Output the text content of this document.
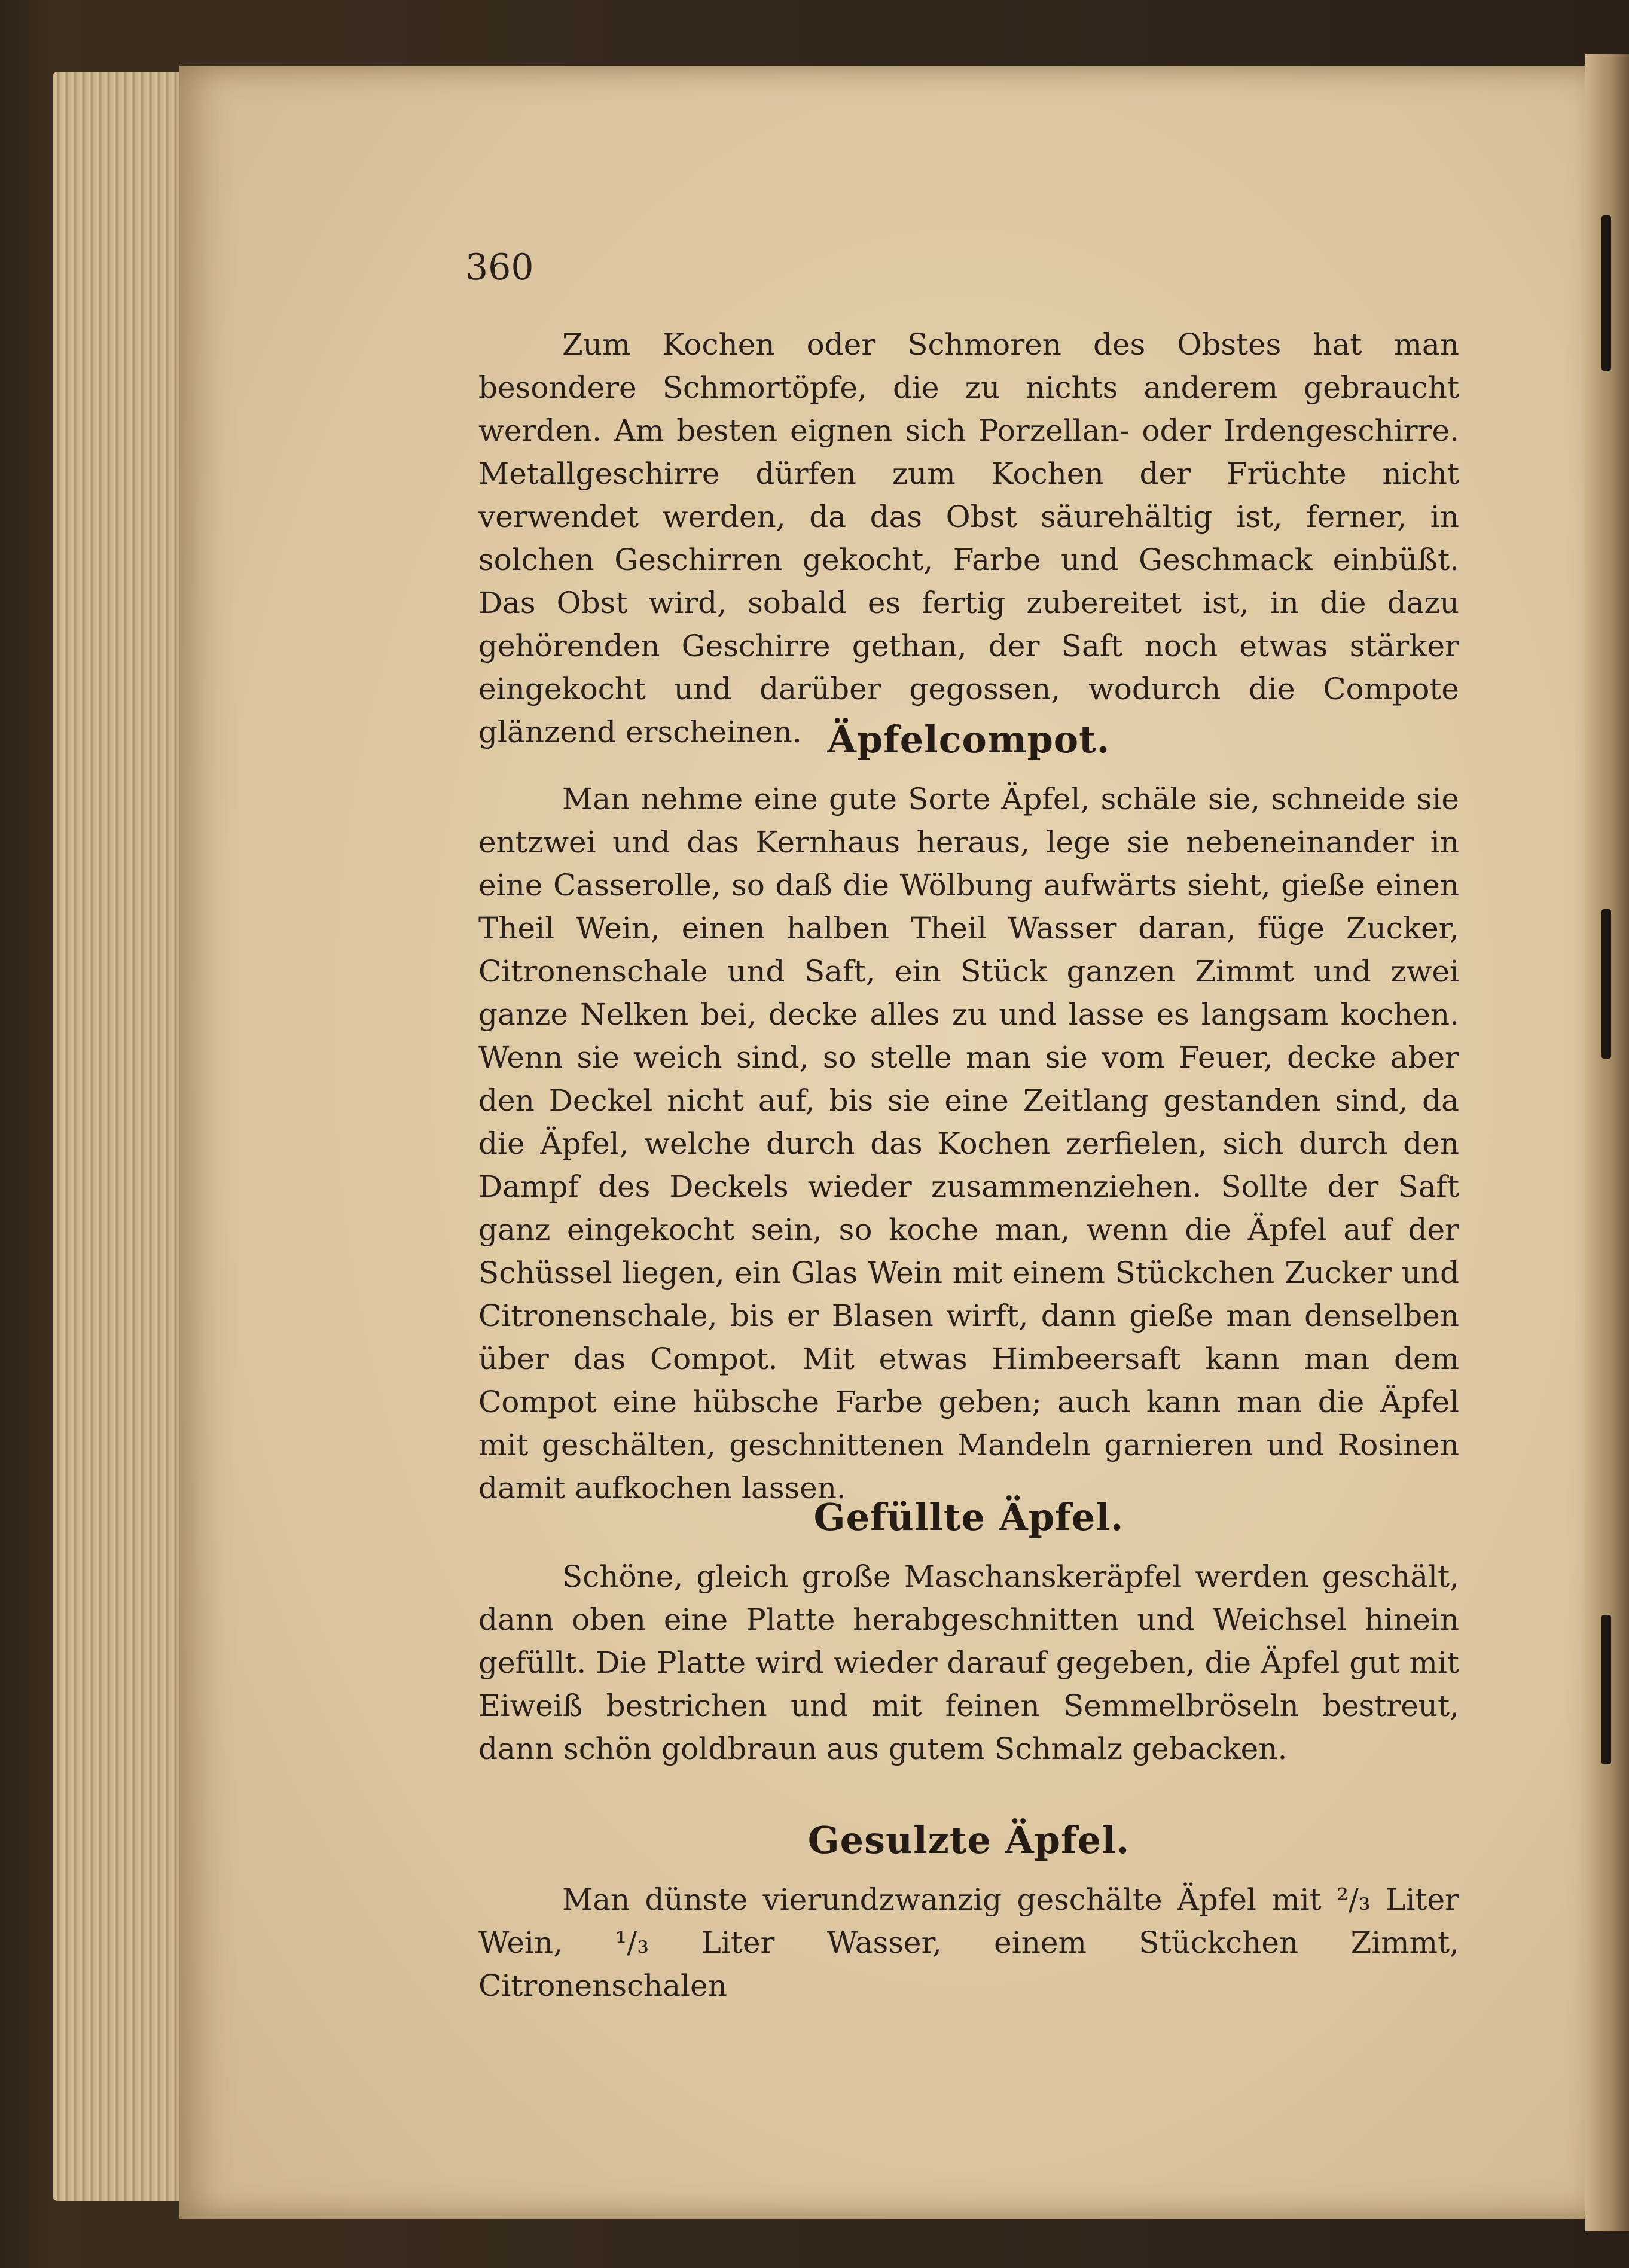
360

Zum Kochen oder Schmoren des Obstes hat man besondere Schmortöpfe, die zu nichts anderem gebraucht werden. Am besten eignen sich Porzellan- oder Irdengeschirre. Metallgeschirre dürfen zum Kochen der Früchte nicht verwendet werden, da das Obst säurehältig ist, ferner, in solchen Geschirren gekocht, Farbe und Geschmack einbüßt. Das Obst wird, sobald es fertig zubereitet ist, in die dazu gehörenden Geschirre gethan, der Saft noch etwas stärker eingekocht und darüber gegossen, wodurch die Compote glänzend erscheinen. Äpfelcompot.

Man nehme eine gute Sorte Äpfel, schäle sie, schneide sie entzwei und das Kernhaus heraus, lege sie nebeneinander in eine Casserolle, so daß die Wölbung aufwärts sieht, gieße einen Theil Wein, einen halben Theil Wasser daran, füge Zucker, Citronenschale und Saft, ein Stück ganzen Zimmt und zwei ganze Nelken bei, decke alles zu und lasse es langsam kochen. Wenn sie weich sind, so stelle man sie vom Feuer, decke aber den Deckel nicht auf, bis sie eine Zeitlang gestanden sind, da die Äpfel, welche durch das Kochen zerfielen, sich durch den Dampf des Deckels wieder zusammenziehen. Sollte der Saft ganz eingekocht sein, so koche man, wenn die Äpfel auf der Schüssel liegen, ein Glas Wein mit einem Stückchen Zucker und Citronenschale, bis er Blasen wirft, dann gieße man denselben über das Compot. Mit etwas Himbeersaft kann man dem Compot eine hübsche Farbe geben; auch kann man die Äpfel mit geschälten, geschnittenen Mandeln garnieren und Rosinen damit aufkochen lassen.

Gefüllte Äpfel.

Schöne, gleich große Maschanskeräpfel werden geschält, dann oben eine Platte herabgeschnitten und Weichsel hinein gefüllt. Die Platte wird wieder darauf gegeben, die Äpfel gut mit Eiweiß bestrichen und mit feinen Semmelbröseln bestreut, dann schön goldbraun aus gutem Schmalz gebacken.

Gesulzte Äpfel.

Man dünste vierundzwanzig geschälte Äpfel mit ²/₃ Liter Wein, ¹/₃ Liter Wasser, einem Stückchen Zimmt, Citronenschalen
